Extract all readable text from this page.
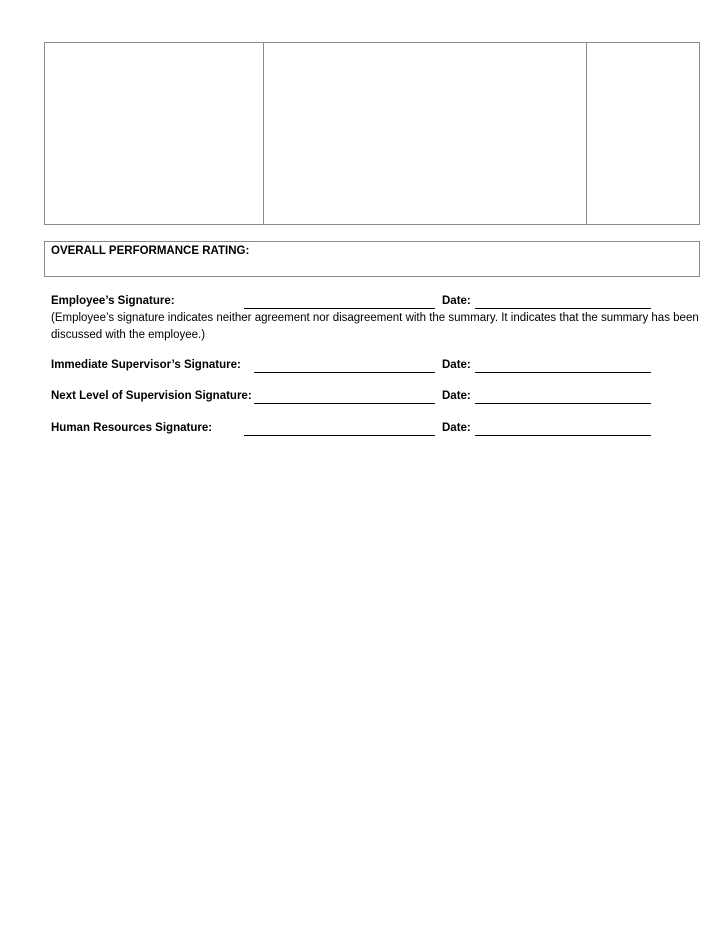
OVERALL PERFORMANCE RATING:
Employee’s Signature:	Date:
(Employee’s signature indicates neither agreement nor disagreement with the summary. It indicates that the summary has been discussed with the employee.)
Immediate Supervisor’s Signature:	Date:
Next Level of Supervision Signature:	Date:
Human Resources Signature:	Date:
